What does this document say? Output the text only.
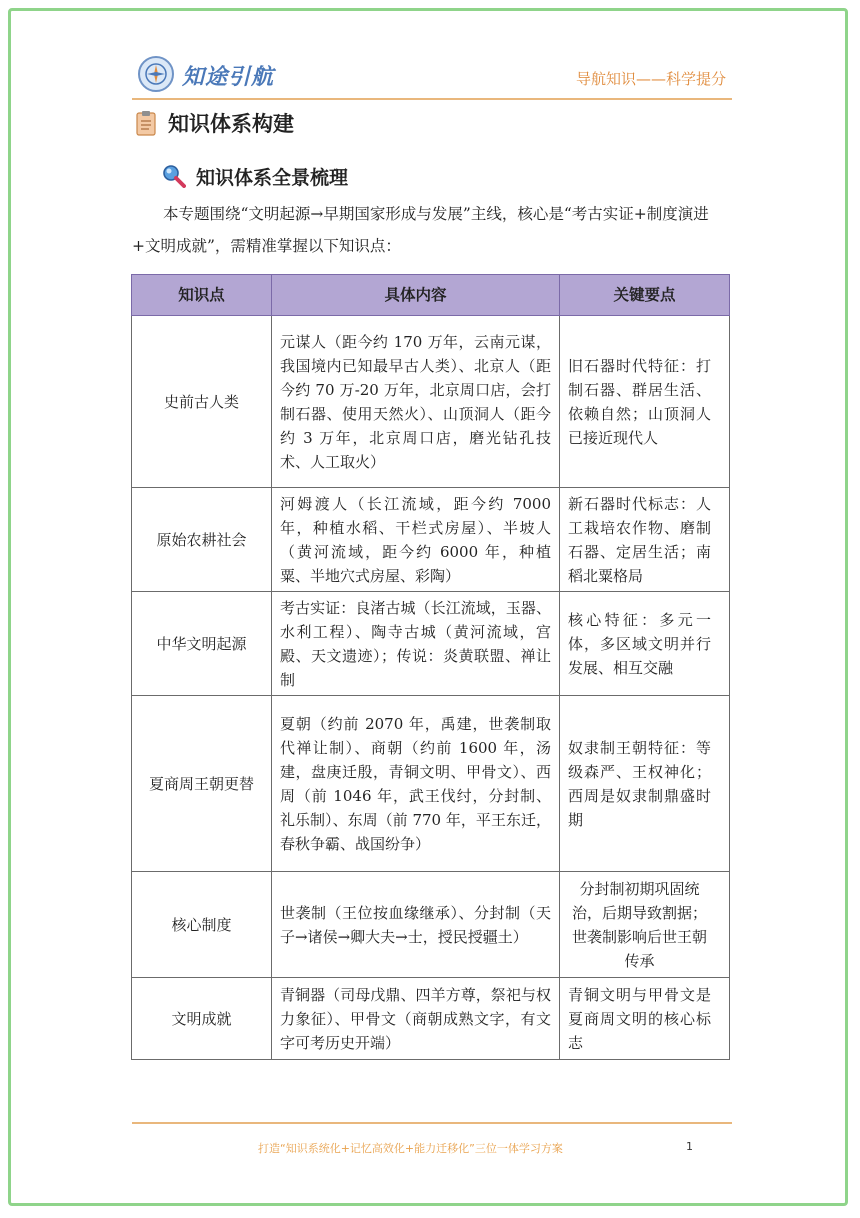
知途引航	导航知识——科学提分
知识体系构建
知识体系全景梳理

本专题围绕“文明起源→早期国家形成与发展”主线，核心是“考古实证+制度演进+文明成就”，需精准掌握以下知识点：

知识点	具体内容	关键要点
史前古人类	元谋人（距今约 170 万年，云南元谋，我国境内已知最早古人类）、北京人（距今约 70 万-20 万年，北京周口店，会打制石器、使用天然火）、山顶洞人（距今约 3 万年，北京周口店，磨光钻孔技术、人工取火）	旧石器时代特征：打制石器、群居生活、依赖自然；山顶洞人已接近现代人
原始农耕社会	河姆渡人（长江流域，距今约 7000 年，种植水稻、干栏式房屋）、半坡人（黄河流域，距今约 6000 年，种植粟、半地穴式房屋、彩陶）	新石器时代标志：人工栽培农作物、磨制石器、定居生活；南稻北粟格局
中华文明起源	考古实证：良渚古城（长江流域，玉器、水利工程）、陶寺古城（黄河流域，宫殿、天文遗迹）；传说：炎黄联盟、禅让制	核心特征：多元一体，多区域文明并行发展、相互交融
夏商周王朝更替	夏朝（约前 2070 年，禹建，世袭制取代禅让制）、商朝（约前 1600 年，汤建，盘庚迁殷，青铜文明、甲骨文）、西周（前 1046 年，武王伐纣，分封制、礼乐制）、东周（前 770 年，平王东迁，春秋争霸、战国纷争）	奴隶制王朝特征：等级森严、王权神化；西周是奴隶制鼎盛时期
核心制度	世袭制（王位按血缘继承）、分封制（天子→诸侯→卿大夫→士，授民授疆土）	分封制初期巩固统治，后期导致割据；世袭制影响后世王朝传承
文明成就	青铜器（司母戊鼎、四羊方尊，祭祀与权力象征）、甲骨文（商朝成熟文字，有文字可考历史开端）	青铜文明与甲骨文是夏商周文明的核心标志
打造“知识系统化+记忆高效化+能力迁移化”三位一体学习方案	1
